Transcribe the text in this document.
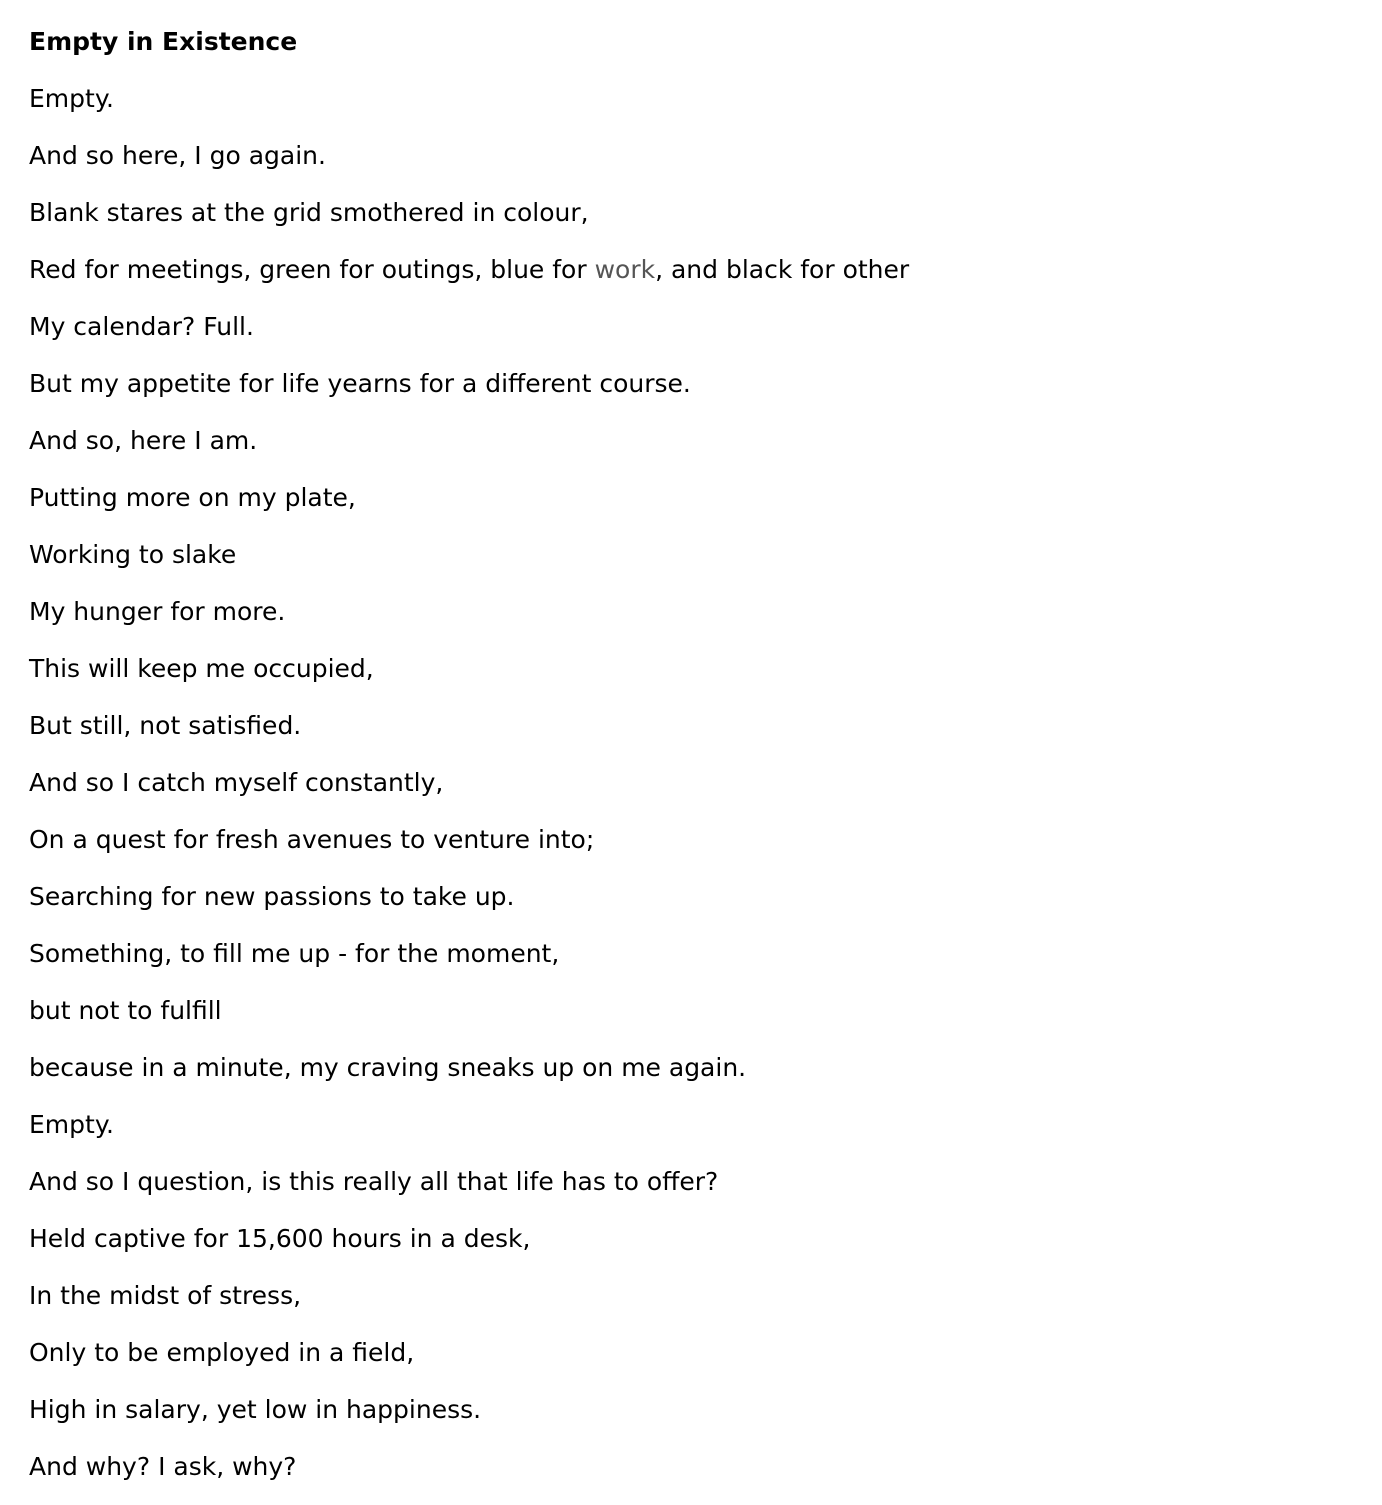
Empty in Existence
Empty.
And so here, I go again.
Blank stares at the grid smothered in colour,
Red for meetings, green for outings, blue for work, and black for other
My calendar? Full.
But my appetite for life yearns for a different course.
And so, here I am.
Putting more on my plate,
Working to slake
My hunger for more.
This will keep me occupied,
But still, not satisfied.
And so I catch myself constantly,
On a quest for fresh avenues to venture into;
Searching for new passions to take up.
Something, to fill me up - for the moment,
but not to fulfill
because in a minute, my craving sneaks up on me again.
Empty.
And so I question, is this really all that life has to offer?
Held captive for 15,600 hours in a desk,
In the midst of stress,
Only to be employed in a field,
High in salary, yet low in happiness.
And why? I ask, why?
